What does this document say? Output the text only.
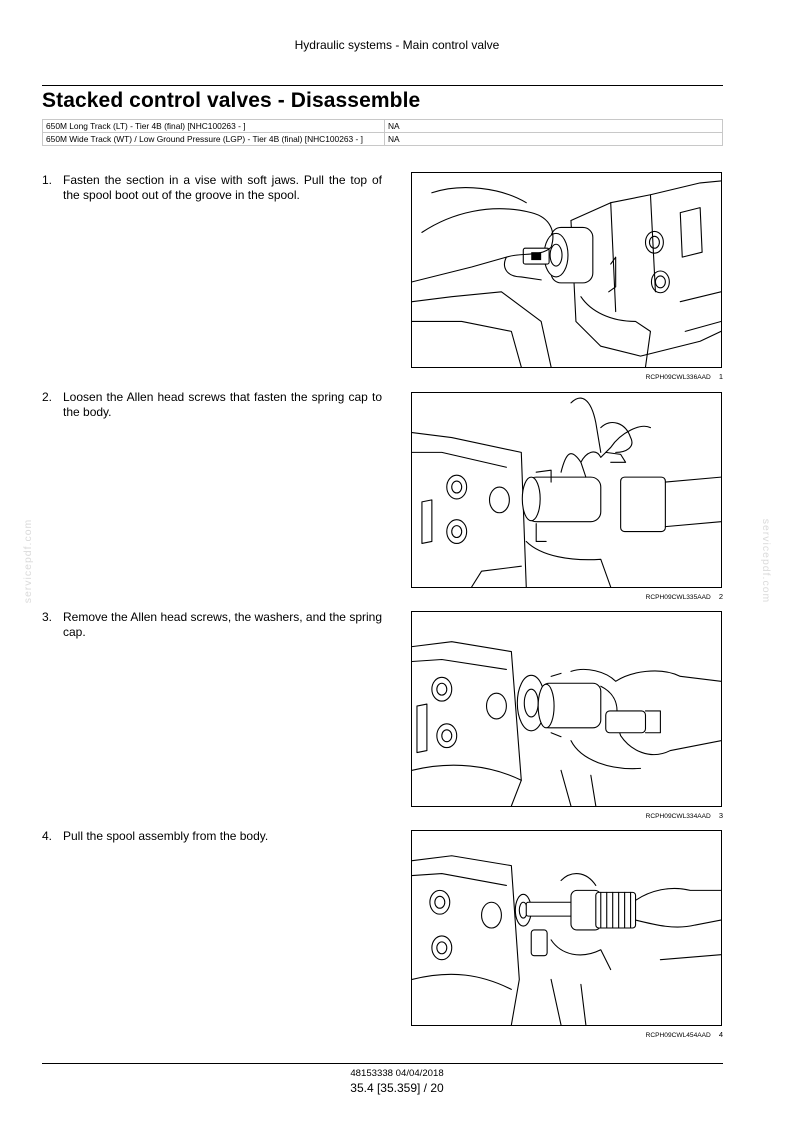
Hydraulic systems - Main control valve
Stacked control valves - Disassemble
650M Long Track (LT) - Tier 4B (final) [NHC100263 - ]	NA
650M Wide Track (WT) / Low Ground Pressure (LGP) - Tier 4B (final) [NHC100263 - ]	NA
1. Fasten the section in a vise with soft jaws. Pull the top of the spool boot out of the groove in the spool.
RCPH09CWL336AAD 1
2. Loosen the Allen head screws that fasten the spring cap to the body.
RCPH09CWL335AAD 2
3. Remove the Allen head screws, the washers, and the spring cap.
RCPH09CWL334AAD 3
4. Pull the spool assembly from the body.
RCPH09CWL454AAD 4
servicepdf.com	servicepdf.com
48153338 04/04/2018
35.4 [35.359] / 20
